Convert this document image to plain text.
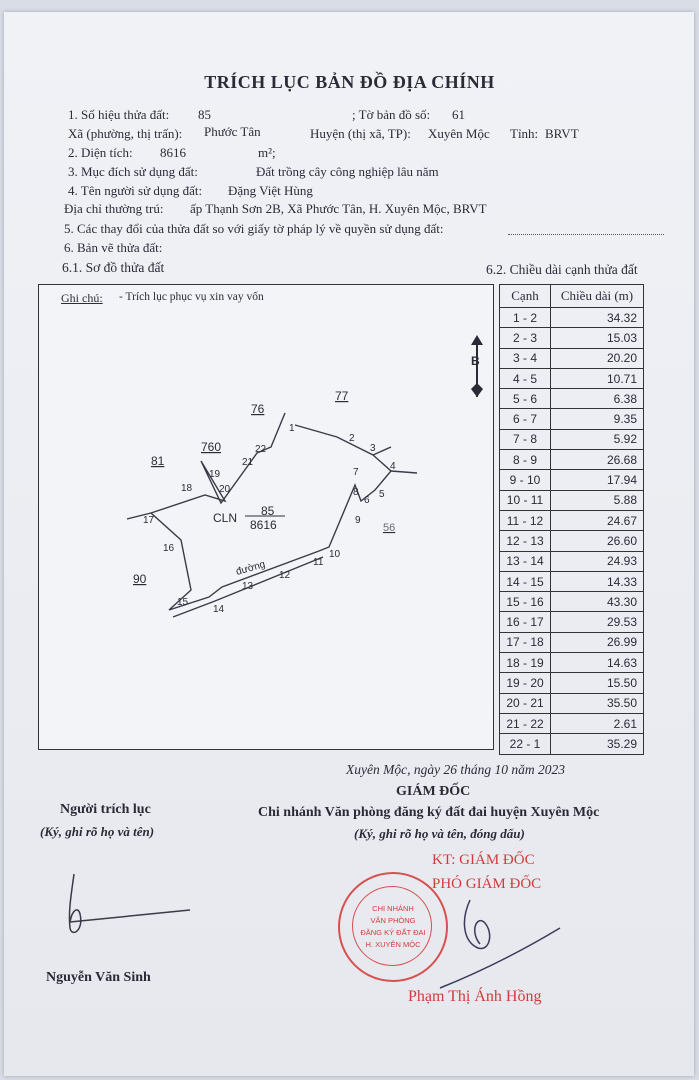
TRÍCH LỤC BẢN ĐỒ ĐỊA CHÍNH
1. Số hiệu thửa đất: 85	; Tờ bản đồ số: 61
Xã (phường, thị trấn): Phước Tân	Huyện (thị xã, TP): Xuyên Mộc Tỉnh: BRVT
2. Diện tích: 8616	m²;
3. Mục đích sử dụng đất:	Đất trồng cây công nghiệp lâu năm
4. Tên người sử dụng đất: Đặng Việt Hùng
Địa chỉ thường trú: ấp Thạnh Sơn 2B, Xã Phước Tân, H. Xuyên Mộc, BRVT
5. Các thay đổi của thửa đất so với giấy tờ pháp lý về quyền sử dụng đất:
6. Bản vẽ thửa đất:
6.1. Sơ đồ thửa đất	6.2. Chiều dài cạnh thửa đất
Ghi chú: - Trích lục phục vụ xin vay vốn
1
2
3
4
5
6
7
8
9
10
11
12
13
14
15
16
17
18
19
20
21
22
76
77
760
81
90
56
CLN 85
8616
đường
B
Cạnh	Chiều dài (m)
1 - 2	34.32
2 - 3	15.03
3 - 4	20.20
4 - 5	10.71
5 - 6	6.38
6 - 7	9.35
7 - 8	5.92
8 - 9	26.68
9 - 10	17.94
10 - 11	5.88
11 - 12	24.67
12 - 13	26.60
13 - 14	24.93
14 - 15	14.33
15 - 16	43.30
16 - 17	29.53
17 - 18	26.99
18 - 19	14.63
19 - 20	15.50
20 - 21	35.50
21 - 22	2.61
22 - 1	35.29
Xuyên Mộc, ngày 26 tháng 10 năm 2023
GIÁM ĐỐC
Chi nhánh Văn phòng đăng ký đất đai huyện Xuyên Mộc
(Ký, ghi rõ họ và tên, đóng dấu)
Người trích lục
(Ký, ghi rõ họ và tên)
KT: GIÁM ĐỐC
PHÓ GIÁM ĐỐC
CHI NHÁNH
VĂN PHÒNG
ĐĂNG KÝ ĐẤT ĐAI
H. XUYÊN MỘC
Nguyễn Văn Sinh
Phạm Thị Ánh Hồng
